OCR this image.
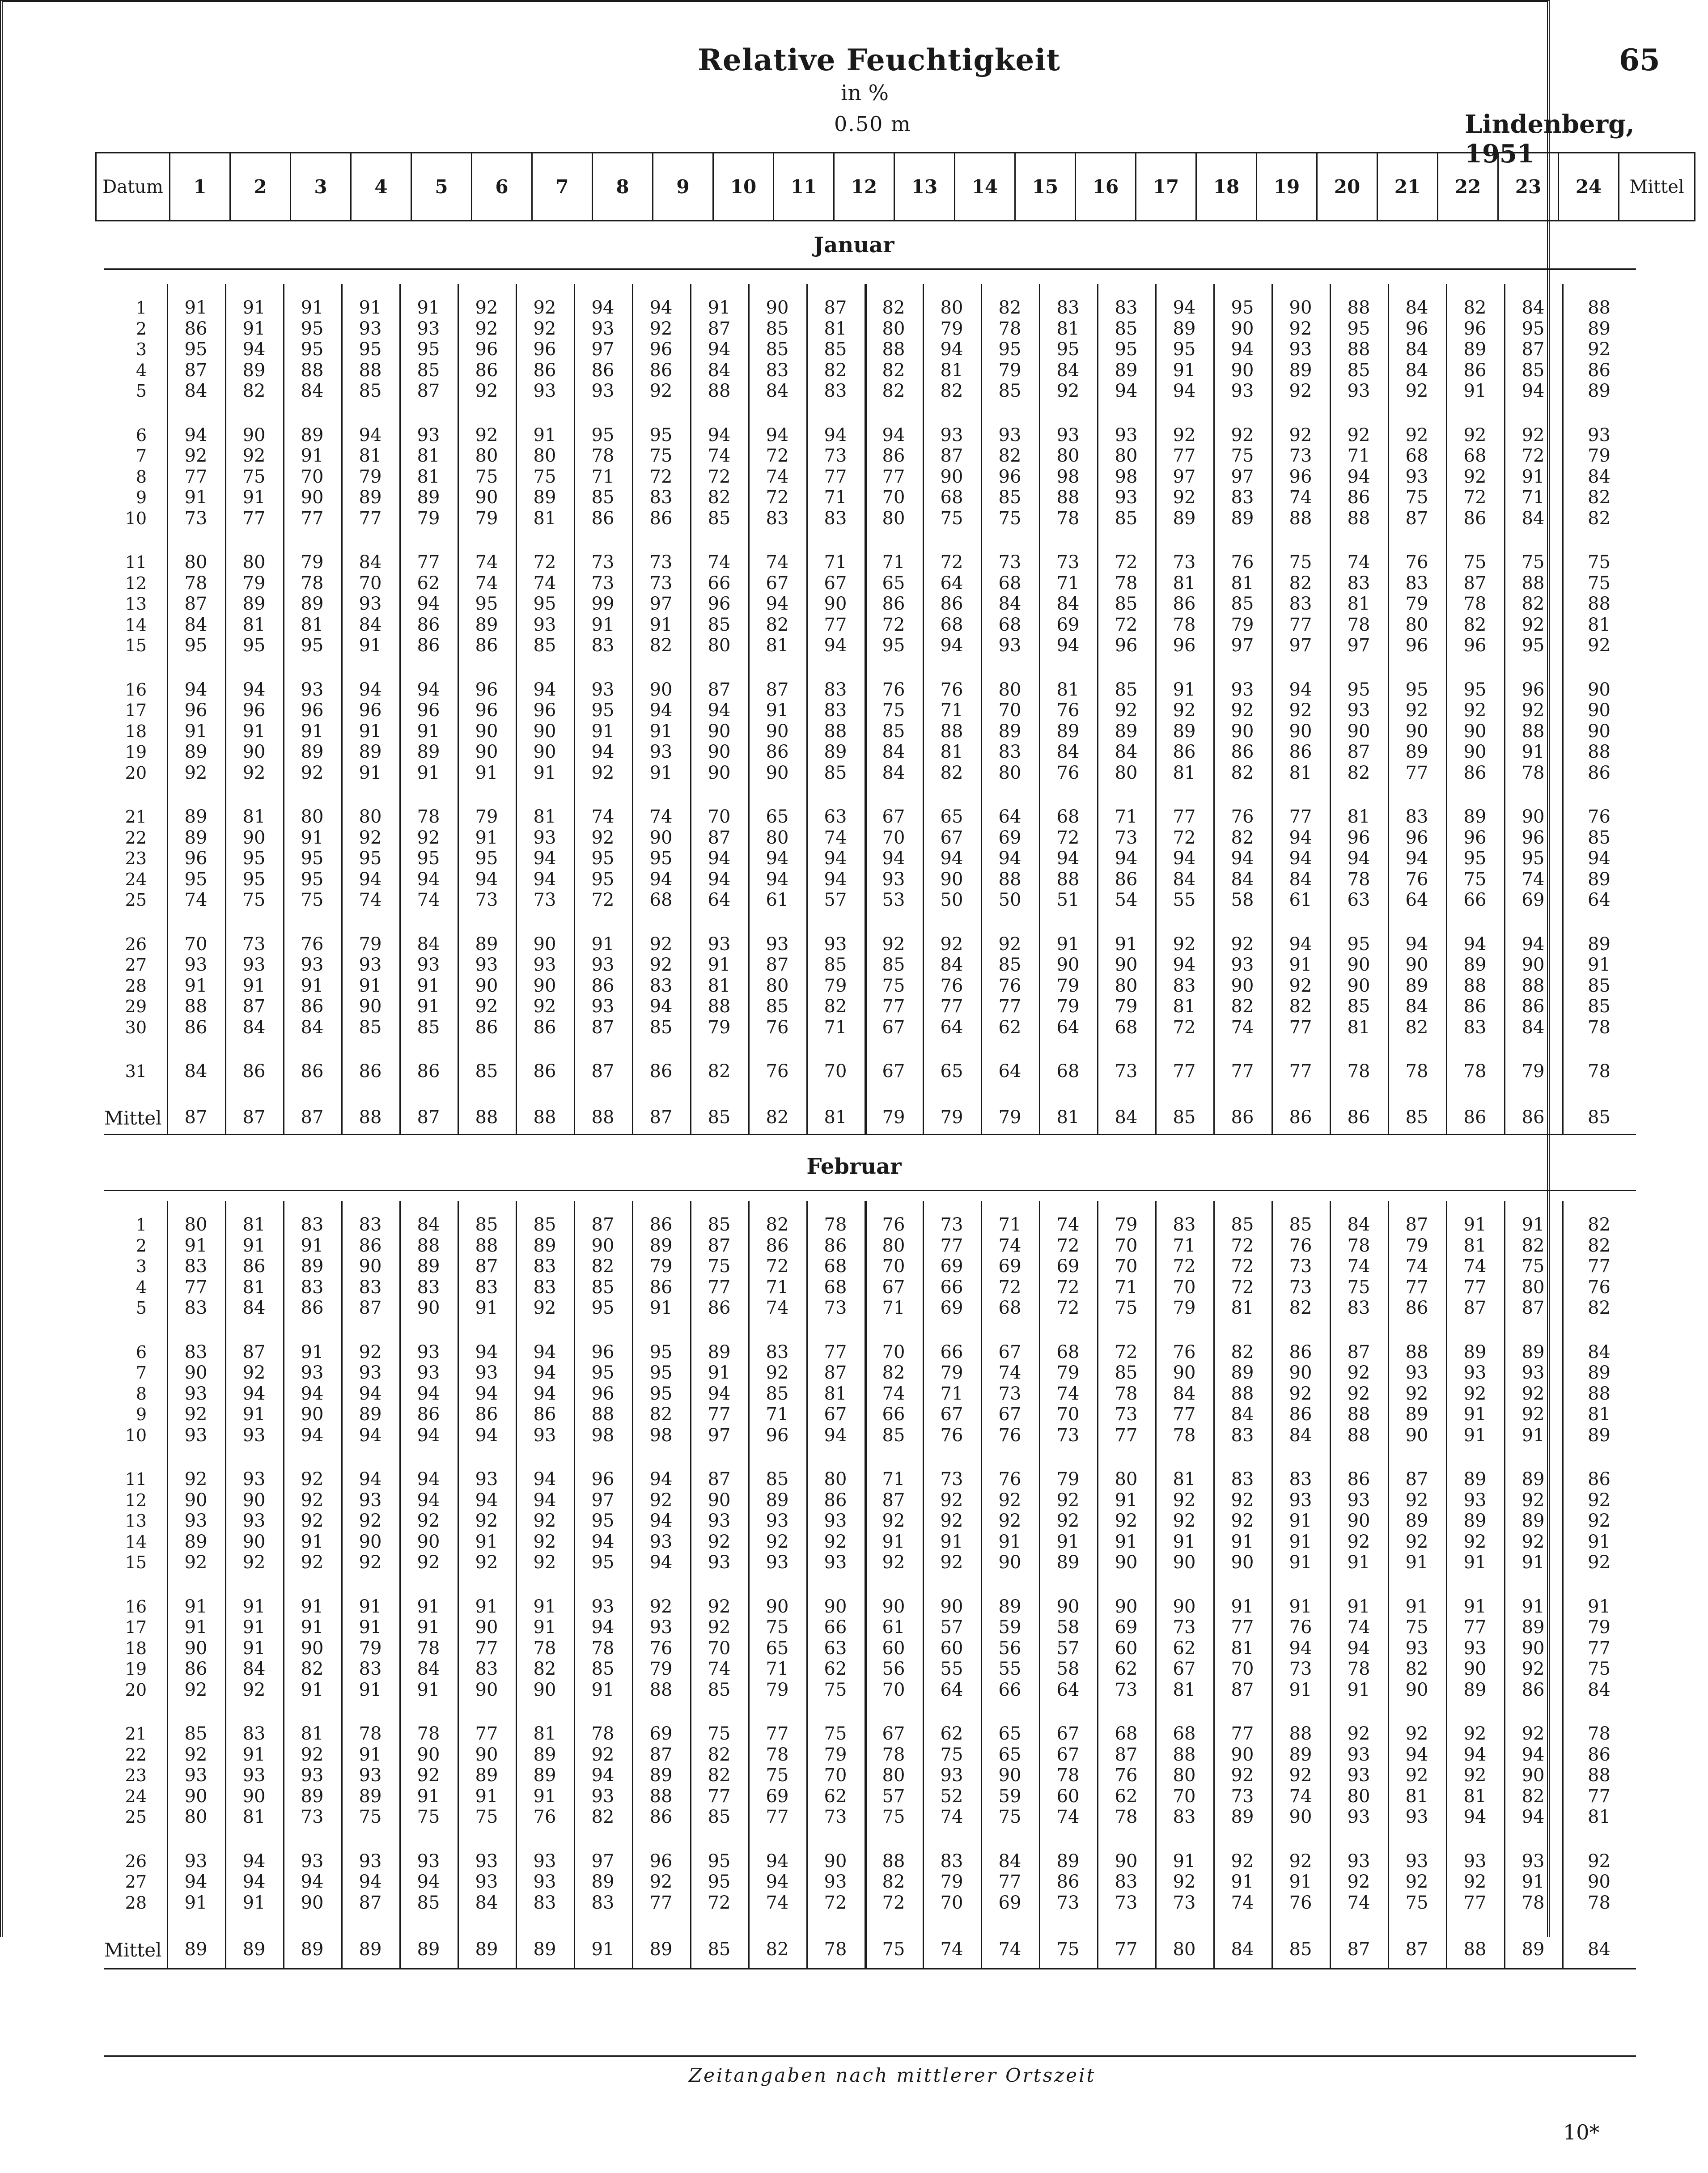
Relative Feuchtigkeit	65
in %
0.50 m	Lindenberg, 1951
Datum	1	2	3	4	5	6	7	8	9	10	11	12	13	14	15	16	17	18	19	20	21	22	23	24	Mittel
Januar
1	91	91	91	91	91	92	92	94	94	91	90	87	82	80	82	83	83	94	95	90	88	84	82	84	88
2	86	91	95	93	93	92	92	93	92	87	85	81	80	79	78	81	85	89	90	92	95	96	96	95	89
3	95	94	95	95	95	96	96	97	96	94	85	85	88	94	95	95	95	95	94	93	88	84	89	87	92
4	87	89	88	88	85	86	86	86	86	84	83	82	82	81	79	84	89	91	90	89	85	84	86	85	86
5	84	82	84	85	87	92	93	93	92	88	84	83	82	82	85	92	94	94	93	92	93	92	91	94	89
6	94	90	89	94	93	92	91	95	95	94	94	94	94	93	93	93	93	92	92	92	92	92	92	92	93
7	92	92	91	81	81	80	80	78	75	74	72	73	86	87	82	80	80	77	75	73	71	68	68	72	79
8	77	75	70	79	81	75	75	71	72	72	74	77	77	90	96	98	98	97	97	96	94	93	92	91	84
9	91	91	90	89	89	90	89	85	83	82	72	71	70	68	85	88	93	92	83	74	86	75	72	71	82
10	73	77	77	77	79	79	81	86	86	85	83	83	80	75	75	78	85	89	89	88	88	87	86	84	82
11	80	80	79	84	77	74	72	73	73	74	74	71	71	72	73	73	72	73	76	75	74	76	75	75	75
12	78	79	78	70	62	74	74	73	73	66	67	67	65	64	68	71	78	81	81	82	83	83	87	88	75
13	87	89	89	93	94	95	95	99	97	96	94	90	86	86	84	84	85	86	85	83	81	79	78	82	88
14	84	81	81	84	86	89	93	91	91	85	82	77	72	68	68	69	72	78	79	77	78	80	82	92	81
15	95	95	95	91	86	86	85	83	82	80	81	94	95	94	93	94	96	96	97	97	97	96	96	95	92
16	94	94	93	94	94	96	94	93	90	87	87	83	76	76	80	81	85	91	93	94	95	95	95	96	90
17	96	96	96	96	96	96	96	95	94	94	91	83	75	71	70	76	92	92	92	92	93	92	92	92	90
18	91	91	91	91	91	90	90	91	91	90	90	88	85	88	89	89	89	89	90	90	90	90	90	88	90
19	89	90	89	89	89	90	90	94	93	90	86	89	84	81	83	84	84	86	86	86	87	89	90	91	88
20	92	92	92	91	91	91	91	92	91	90	90	85	84	82	80	76	80	81	82	81	82	77	86	78	86
21	89	81	80	80	78	79	81	74	74	70	65	63	67	65	64	68	71	77	76	77	81	83	89	90	76
22	89	90	91	92	92	91	93	92	90	87	80	74	70	67	69	72	73	72	82	94	96	96	96	96	85
23	96	95	95	95	95	95	94	95	95	94	94	94	94	94	94	94	94	94	94	94	94	94	95	95	94
24	95	95	95	94	94	94	94	95	94	94	94	94	93	90	88	88	86	84	84	84	78	76	75	74	89
25	74	75	75	74	74	73	73	72	68	64	61	57	53	50	50	51	54	55	58	61	63	64	66	69	64
26	70	73	76	79	84	89	90	91	92	93	93	93	92	92	92	91	91	92	92	94	95	94	94	94	89
27	93	93	93	93	93	93	93	93	92	91	87	85	85	84	85	90	90	94	93	91	90	90	89	90	91
28	91	91	91	91	91	90	90	86	83	81	80	79	75	76	76	79	80	83	90	92	90	89	88	88	85
29	88	87	86	90	91	92	92	93	94	88	85	82	77	77	77	79	79	81	82	82	85	84	86	86	85
30	86	84	84	85	85	86	86	87	85	79	76	71	67	64	62	64	68	72	74	77	81	82	83	84	78
31	84	86	86	86	86	85	86	87	86	82	76	70	67	65	64	68	73	77	77	77	78	78	78	79	78
Mittel	87	87	87	88	87	88	88	88	87	85	82	81	79	79	79	81	84	85	86	86	86	85	86	86	85
Februar
1	80	81	83	83	84	85	85	87	86	85	82	78	76	73	71	74	79	83	85	85	84	87	91	91	82
2	91	91	91	86	88	88	89	90	89	87	86	86	80	77	74	72	70	71	72	76	78	79	81	82	82
3	83	86	89	90	89	87	83	82	79	75	72	68	70	69	69	69	70	72	72	73	74	74	74	75	77
4	77	81	83	83	83	83	83	85	86	77	71	68	67	66	72	72	71	70	72	73	75	77	77	80	76
5	83	84	86	87	90	91	92	95	91	86	74	73	71	69	68	72	75	79	81	82	83	86	87	87	82
6	83	87	91	92	93	94	94	96	95	89	83	77	70	66	67	68	72	76	82	86	87	88	89	89	84
7	90	92	93	93	93	93	94	95	95	91	92	87	82	79	74	79	85	90	89	90	92	93	93	93	89
8	93	94	94	94	94	94	94	96	95	94	85	81	74	71	73	74	78	84	88	92	92	92	92	92	88
9	92	91	90	89	86	86	86	88	82	77	71	67	66	67	67	70	73	77	84	86	88	89	91	92	81
10	93	93	94	94	94	94	93	98	98	97	96	94	85	76	76	73	77	78	83	84	88	90	91	91	89
11	92	93	92	94	94	93	94	96	94	87	85	80	71	73	76	79	80	81	83	83	86	87	89	89	86
12	90	90	92	93	94	94	94	97	92	90	89	86	87	92	92	92	91	92	92	93	93	92	93	92	92
13	93	93	92	92	92	92	92	95	94	93	93	93	92	92	92	92	92	92	92	91	90	89	89	89	92
14	89	90	91	90	90	91	92	94	93	92	92	92	91	91	91	91	91	91	91	91	92	92	92	92	91
15	92	92	92	92	92	92	92	95	94	93	93	93	92	92	90	89	90	90	90	91	91	91	91	91	92
16	91	91	91	91	91	91	91	93	92	92	90	90	90	90	89	90	90	90	91	91	91	91	91	91	91
17	91	91	91	91	91	90	91	94	93	92	75	66	61	57	59	58	69	73	77	76	74	75	77	89	79
18	90	91	90	79	78	77	78	78	76	70	65	63	60	60	56	57	60	62	81	94	94	93	93	90	77
19	86	84	82	83	84	83	82	85	79	74	71	62	56	55	55	58	62	67	70	73	78	82	90	92	75
20	92	92	91	91	91	90	90	91	88	85	79	75	70	64	66	64	73	81	87	91	91	90	89	86	84
21	85	83	81	78	78	77	81	78	69	75	77	75	67	62	65	67	68	68	77	88	92	92	92	92	78
22	92	91	92	91	90	90	89	92	87	82	78	79	78	75	65	67	87	88	90	89	93	94	94	94	86
23	93	93	93	93	92	89	89	94	89	82	75	70	80	93	90	78	76	80	92	92	93	92	92	90	88
24	90	90	89	89	91	91	91	93	88	77	69	62	57	52	59	60	62	70	73	74	80	81	81	82	77
25	80	81	73	75	75	75	76	82	86	85	77	73	75	74	75	74	78	83	89	90	93	93	94	94	81
26	93	94	93	93	93	93	93	97	96	95	94	90	88	83	84	89	90	91	92	92	93	93	93	93	92
27	94	94	94	94	94	93	93	89	92	95	94	93	82	79	77	86	83	92	91	91	92	92	92	91	90
28	91	91	90	87	85	84	83	83	77	72	74	72	72	70	69	73	73	73	74	76	74	75	77	78	78
Mittel	89	89	89	89	89	89	89	91	89	85	82	78	75	74	74	75	77	80	84	85	87	87	88	89	84
Zeitangaben nach mittlerer Ortszeit
10*
